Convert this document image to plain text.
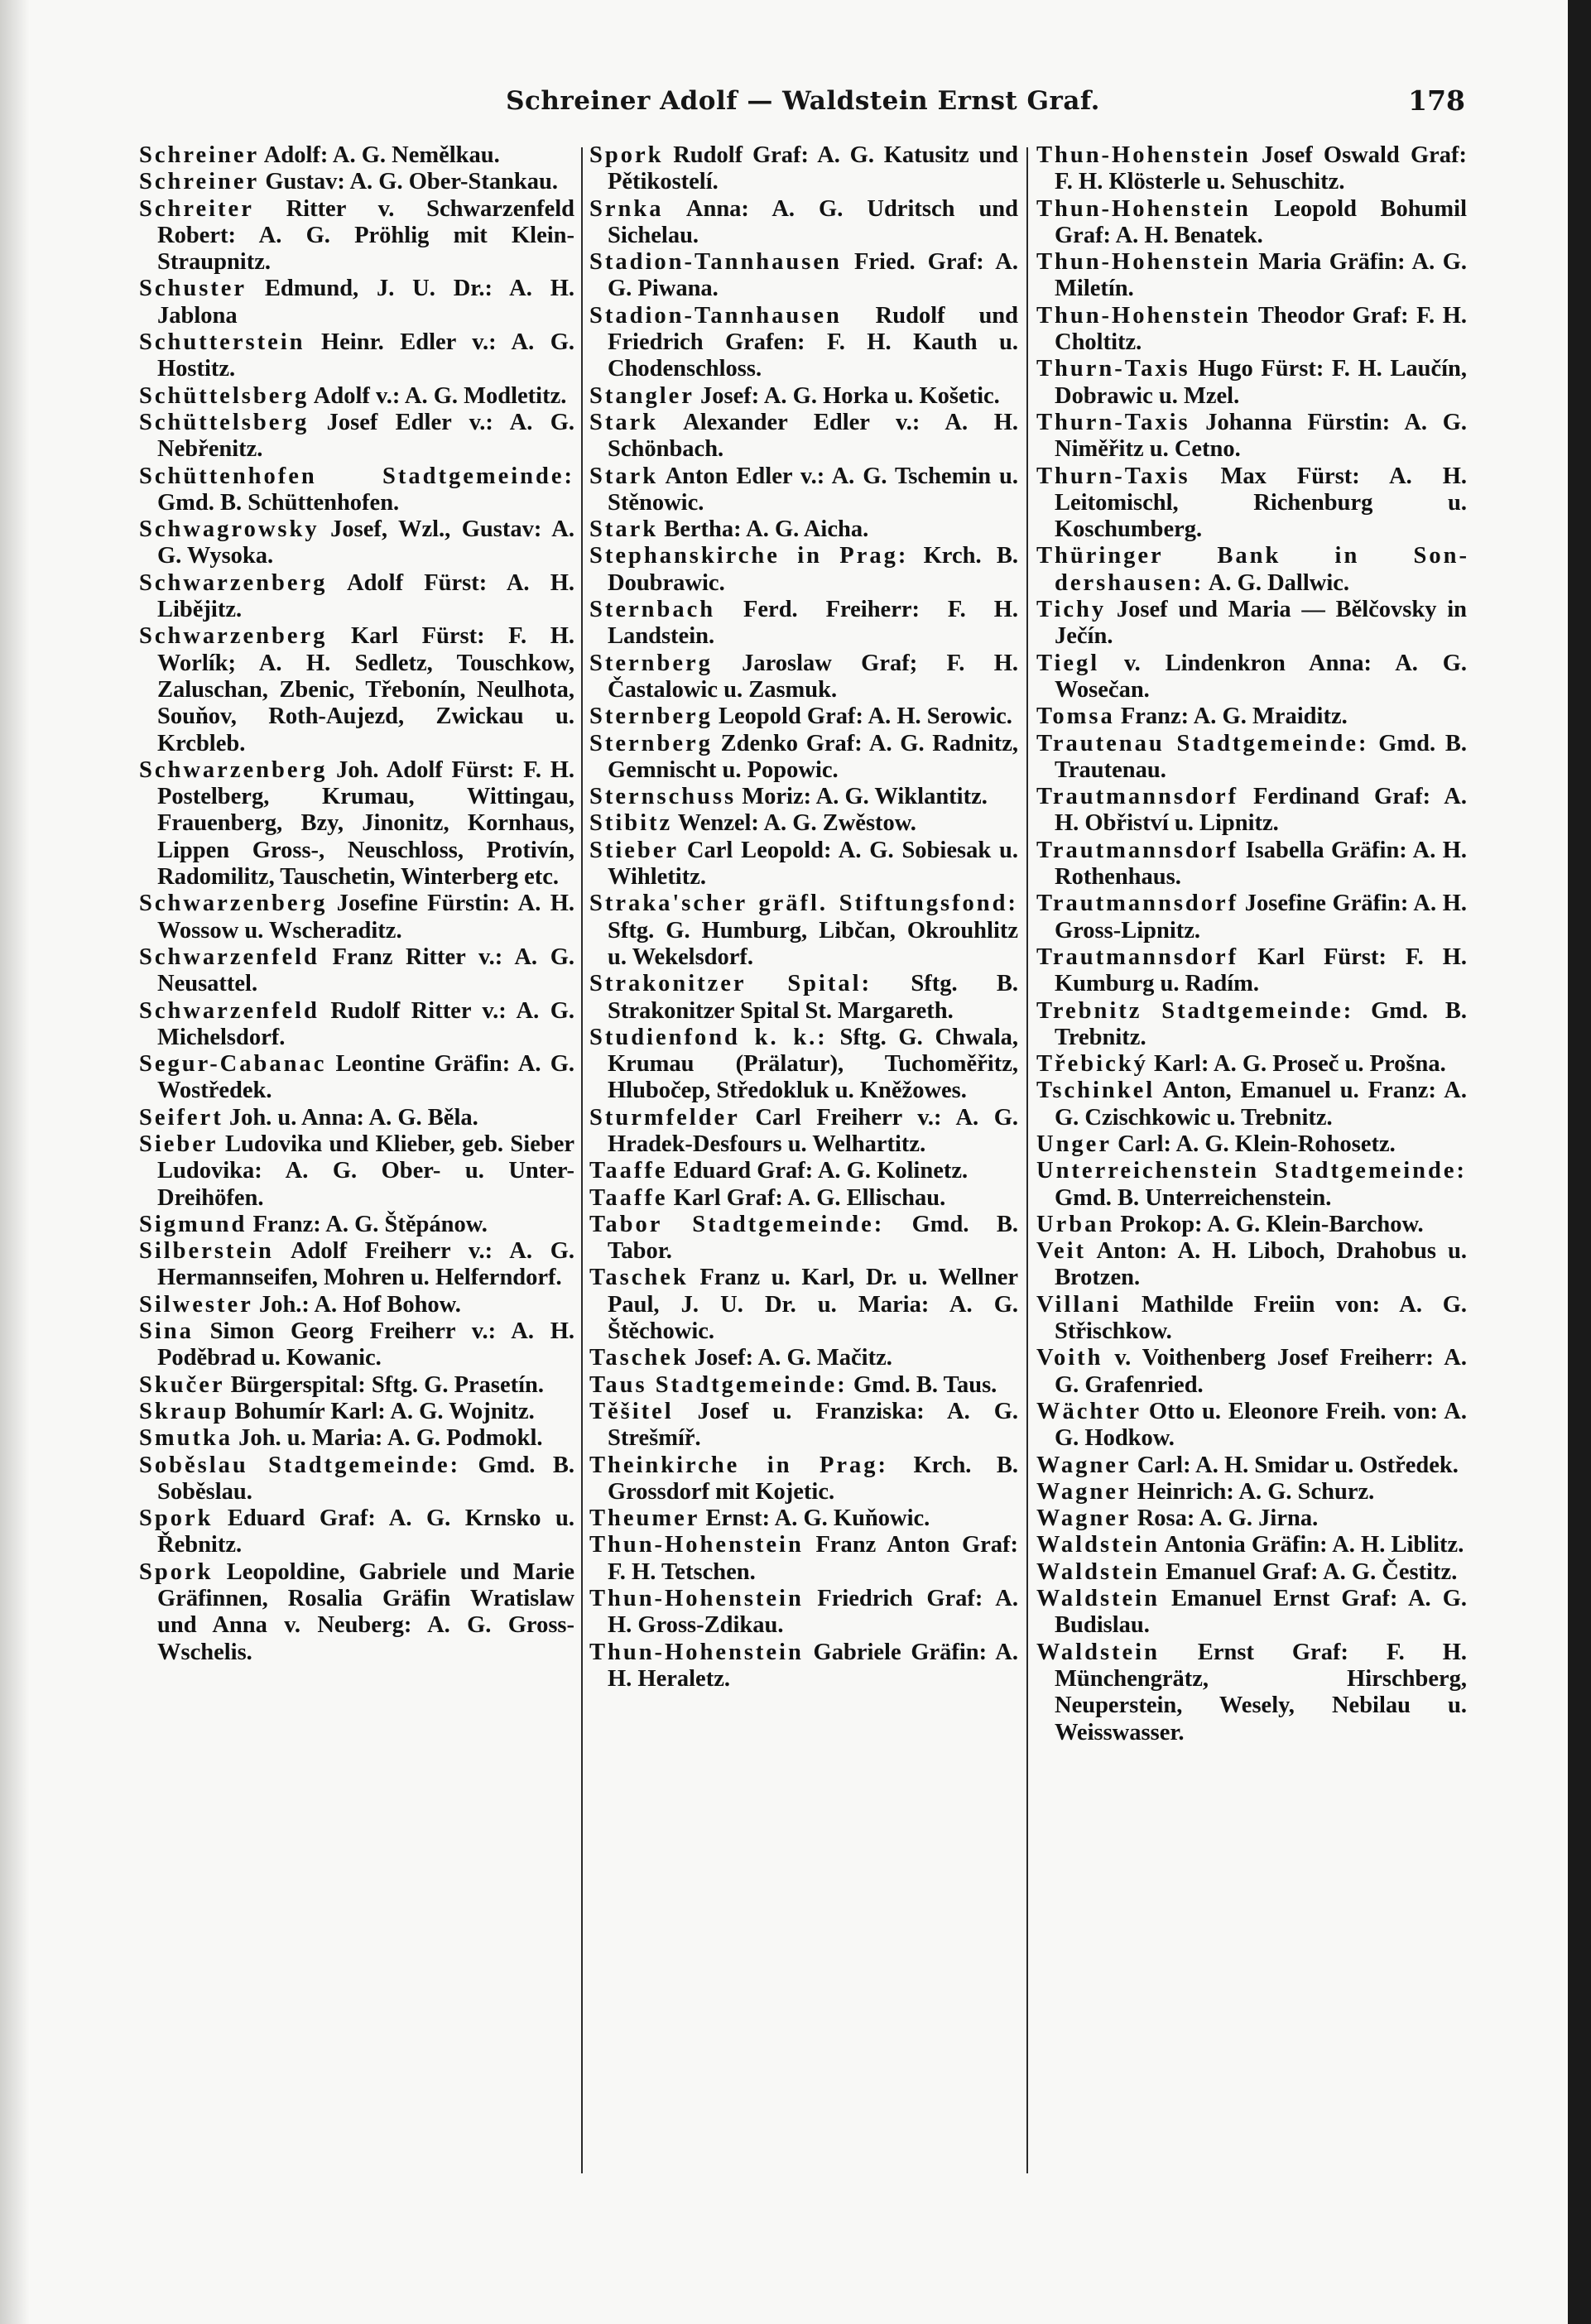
Schreiner Adolf — Waldstein Ernst Graf.	178

Schreiner Adolf: A. G. Nemělkau.

Schreiner Gustav: A. G. Ober-Stankau.

Schreiter Ritter v. Schwarzenfeld Robert: A. G. Pröhlig mit Klein-Straupnitz.

Schuster Edmund, J. U. Dr.: A. H. Jablona

Schutterstein Heinr. Edler v.: A. G. Hostitz.

Schüttelsberg Adolf v.: A. G. Modletitz.

Schüttelsberg Josef Edler v.: A. G. Nebřenitz.

Schüttenhofen Stadtgemeinde: Gmd. B. Schüttenhofen.

Schwagrowsky Josef, Wzl., Gustav: A. G. Wysoka.

Schwarzenberg Adolf Fürst: A. H. Libějitz.

Schwarzenberg Karl Fürst: F. H. Worlík; A. H. Sedletz, Touschkow, Zaluschan, Zbenic, Třebonín, Neulhota, Souňov, Roth-Aujezd, Zwickau u. Krcbleb.

Schwarzenberg Joh. Adolf Fürst: F. H. Postelberg, Krumau, Wittingau, Frauenberg, Bzy, Jinonitz, Kornhaus, Lippen Gross-, Neuschloss, Protivín, Radomilitz, Tauschetin, Winterberg etc.

Schwarzenberg Josefine Fürstin: A. H. Wossow u. Wscheraditz.

Schwarzenfeld Franz Ritter v.: A. G. Neusattel.

Schwarzenfeld Rudolf Ritter v.: A. G. Michelsdorf.

Segur-Cabanac Leontine Gräfin: A. G. Wostředek.

Seifert Joh. u. Anna: A. G. Běla.

Sieber Ludovika und Klieber, geb. Sieber Ludovika: A. G. Ober- u. Unter-Dreihöfen.

Sigmund Franz: A. G. Štěpánow.

Silberstein Adolf Freiherr v.: A. G. Hermannseifen, Mohren u. Helferndorf.

Silwester Joh.: A. Hof Bohow.

Sina Simon Georg Freiherr v.: A. H. Poděbrad u. Kowanic.

Skučer Bürgerspital: Sftg. G. Prasetín.

Skraup Bohumír Karl: A. G. Wojnitz.

Smutka Joh. u. Maria: A. G. Podmokl.

Soběslau Stadtgemeinde: Gmd. B. Soběslau.

Spork Eduard Graf: A. G. Krnsko u. Řebnitz.

Spork Leopoldine, Gabriele und Marie Gräfinnen, Rosalia Gräfin Wratislaw und Anna v. Neuberg: A. G. Gross-Wschelis.

Spork Rudolf Graf: A. G. Katusitz und Pětikostelí.

Srnka Anna: A. G. Udritsch und Sichelau.

Stadion-Tannhausen Fried. Graf: A. G. Piwana.

Stadion-Tannhausen Rudolf und Friedrich Grafen: F. H. Kauth u. Chodenschloss.

Stangler Josef: A. G. Horka u. Košetic.

Stark Alexander Edler v.: A. H. Schönbach.

Stark Anton Edler v.: A. G. Tschemin u. Stěnowic.

Stark Bertha: A. G. Aicha.

Stephanskirche in Prag: Krch. B. Doubrawic.

Sternbach Ferd. Freiherr: F. H. Landstein.

Sternberg Jaroslaw Graf; F. H. Častalowic u. Zasmuk.

Sternberg Leopold Graf: A. H. Serowic.

Sternberg Zdenko Graf: A. G. Radnitz, Gemnischt u. Popowic.

Sternschuss Moriz: A. G. Wiklantitz.

Stibitz Wenzel: A. G. Zwěstow.

Stieber Carl Leopold: A. G. Sobiesak u. Wihletitz.

Straka'scher gräfl. Stiftungsfond: Sftg. G. Humburg, Libčan, Okrouhlitz u. Wekelsdorf.

Strakonitzer Spital: Sftg. B. Strakonitzer Spital St. Margareth.

Studienfond k. k.: Sftg. G. Chwala, Krumau (Prälatur), Tuchoměřitz, Hlubočep, Středokluk u. Kněžowes.

Sturmfelder Carl Freiherr v.: A. G. Hradek-Desfours u. Welhartitz.

Taaffe Eduard Graf: A. G. Kolinetz.

Taaffe Karl Graf: A. G. Ellischau.

Tabor Stadtgemeinde: Gmd. B. Tabor.

Taschek Franz u. Karl, Dr. u. Wellner Paul, J. U. Dr. u. Maria: A. G. Štěchowic.

Taschek Josef: A. G. Mačitz.

Taus Stadtgemeinde: Gmd. B. Taus.

Těšitel Josef u. Franziska: A. G. Strešmíř.

Theinkirche in Prag: Krch. B. Grossdorf mit Kojetic.

Theumer Ernst: A. G. Kuňowic.

Thun-Hohenstein Franz Anton Graf: F. H. Tetschen.

Thun-Hohenstein Friedrich Graf: A. H. Gross-Zdikau.

Thun-Hohenstein Gabriele Gräfin: A. H. Heraletz.

Thun-Hohenstein Josef Oswald Graf: F. H. Klösterle u. Sehuschitz.

Thun-Hohenstein Leopold Bohumil Graf: A. H. Benatek.

Thun-Hohenstein Maria Gräfin: A. G. Miletín.

Thun-Hohenstein Theodor Graf: F. H. Choltitz.

Thurn-Taxis Hugo Fürst: F. H. Laučín, Dobrawic u. Mzel.

Thurn-Taxis Johanna Fürstin: A. G. Niměřitz u. Cetno.

Thurn-Taxis Max Fürst: A. H. Leitomischl, Richenburg u. Koschumberg.

Thüringer Bank in Sondershausen: A. G. Dallwic.

Tichy Josef und Maria — Bělčovsky in Ječín.

Tiegl v. Lindenkron Anna: A. G. Wosečan.

Tomsa Franz: A. G. Mraiditz.

Trautenau Stadtgemeinde: Gmd. B. Trautenau.

Trautmannsdorf Ferdinand Graf: A. H. Obřiství u. Lipnitz.

Trautmannsdorf Isabella Gräfin: A. H. Rothenhaus.

Trautmannsdorf Josefine Gräfin: A. H. Gross-Lipnitz.

Trautmannsdorf Karl Fürst: F. H. Kumburg u. Radím.

Trebnitz Stadtgemeinde: Gmd. B. Trebnitz.

Třebický Karl: A. G. Proseč u. Prošna.

Tschinkel Anton, Emanuel u. Franz: A. G. Czischkowic u. Trebnitz.

Unger Carl: A. G. Klein-Rohosetz.

Unterreichenstein Stadtgemeinde: Gmd. B. Unterreichenstein.

Urban Prokop: A. G. Klein-Barchow.

Veit Anton: A. H. Liboch, Drahobus u. Brotzen.

Villani Mathilde Freiin von: A. G. Střischkow.

Voith v. Voithenberg Josef Freiherr: A. G. Grafenried.

Wächter Otto u. Eleonore Freih. von: A. G. Hodkow.

Wagner Carl: A. H. Smidar u. Ostředek.

Wagner Heinrich: A. G. Schurz.

Wagner Rosa: A. G. Jirna.

Waldstein Antonia Gräfin: A. H. Liblitz.

Waldstein Emanuel Graf: A. G. Čestitz.

Waldstein Emanuel Ernst Graf: A. G. Budislau.

Waldstein Ernst Graf: F. H. Münchengrätz, Hirschberg, Neuperstein, Wesely, Nebilau u. Weisswasser.
